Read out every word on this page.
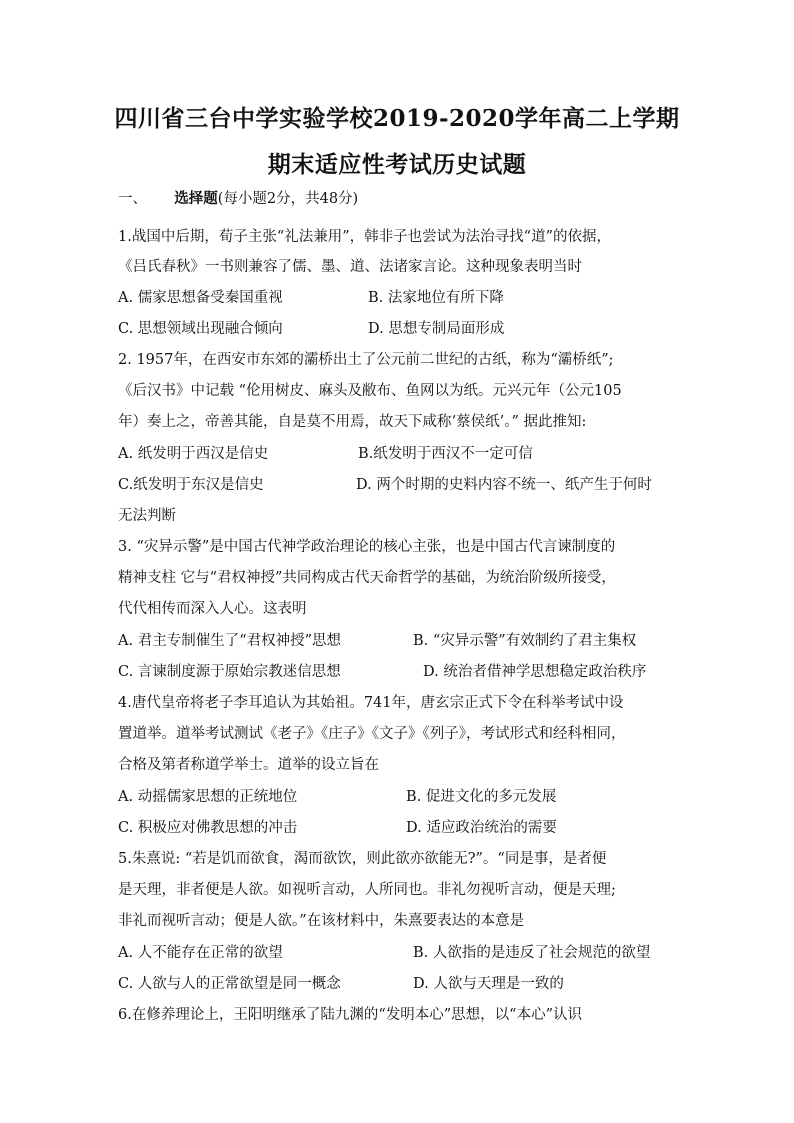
四川省三台中学实验学校2019-2020学年高二上学期
期末适应性考试历史试题
一、 选择题(每小题2分，共48分)
1.战国中后期，荀子主张“礼法兼用”，韩非子也尝试为法治寻找“道”的依据，
《吕氏春秋》一书则兼容了儒、墨、道、法诸家言论。这种现象表明当时
A. 儒家思想备受秦国重视	B. 法家地位有所下降
C. 思想领域出现融合倾向	D. 思想专制局面形成
2. 1957年，在西安市东郊的灞桥出土了公元前二世纪的古纸，称为“灞桥纸”;
《后汉书》中记载 “伦用树皮、麻头及敝布、鱼网以为纸。元兴元年（公元105
年）奏上之，帝善其能，自是莫不用焉，故天下咸称‘蔡侯纸’。” 据此推知:
A. 纸发明于西汉是信史	B.纸发明于西汉不一定可信
C.纸发明于东汉是信史	D. 两个时期的史料内容不统一、纸产生于何时
无法判断
3. “灾异示警”是中国古代神学政治理论的核心主张，也是中国古代言谏制度的
精神支柱 它与“君权神授”共同构成古代天命哲学的基础，为统治阶级所接受，
代代相传而深入人心。这表明
A. 君主专制催生了“君权神授”思想	B. “灾异示警”有效制约了君主集权
C. 言谏制度源于原始宗教迷信思想	D. 统治者借神学思想稳定政治秩序
4.唐代皇帝将老子李耳追认为其始祖。741年，唐玄宗正式下令在科举考试中设
置道举。道举考试测试《老子》《庄子》《文子》《列子》，考试形式和经科相同，
合格及第者称道学举士。道举的设立旨在
A. 动摇儒家思想的正统地位	B. 促进文化的多元发展
C. 积极应对佛教思想的冲击	D. 适应政治统治的需要
5.朱熹说: “若是饥而欲食，渴而欲饮，则此欲亦欲能无?”。“同是事，是者便
是天理，非者便是人欲。如视听言动，人所同也。非礼勿视听言动，便是天理;
非礼而视听言动；便是人欲。”在该材料中，朱熹要表达的本意是
A. 人不能存在正常的欲望	B. 人欲指的是违反了社会规范的欲望
C. 人欲与人的正常欲望是同一概念	D. 人欲与天理是一致的
6.在修养理论上，王阳明继承了陆九渊的“发明本心”思想，以“本心”认识
